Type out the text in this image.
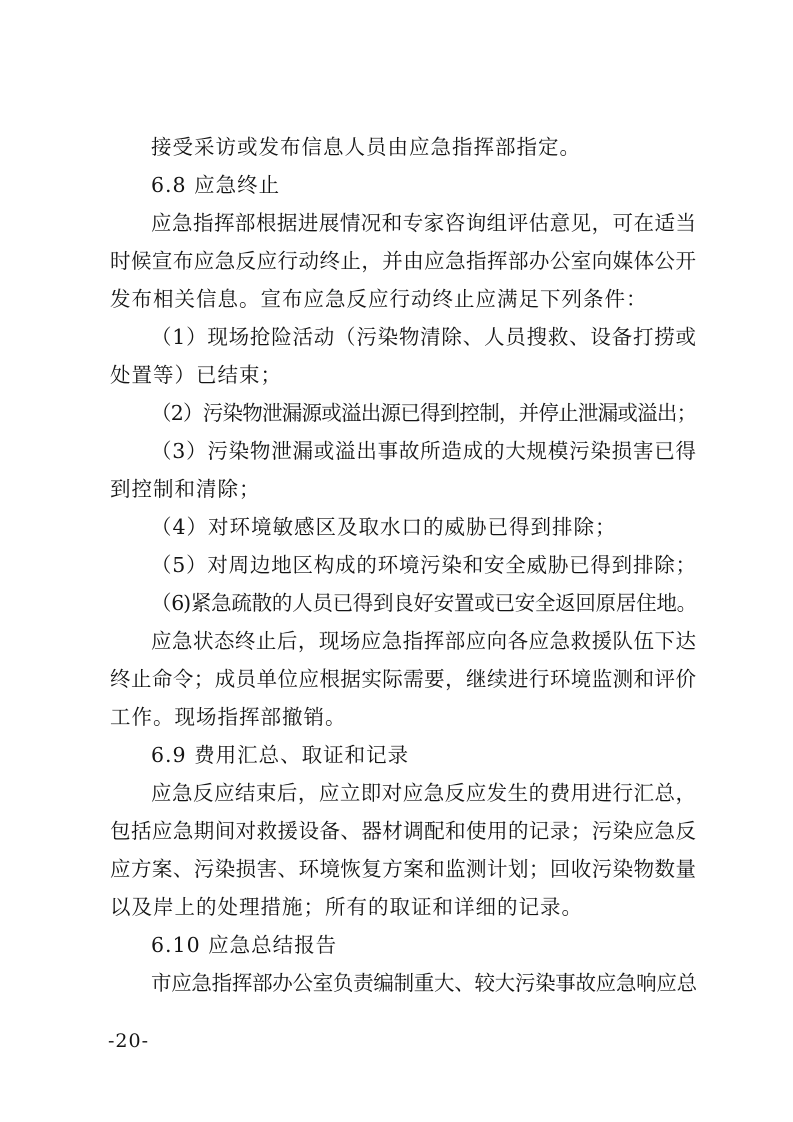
接受采访或发布信息人员由应急指挥部指定。
6.8 应急终止
应急指挥部根据进展情况和专家咨询组评估意见，可在适当
时候宣布应急反应行动终止，并由应急指挥部办公室向媒体公开
发布相关信息。宣布应急反应行动终止应满足下列条件：
（1）现场抢险活动（污染物清除、人员搜救、设备打捞或
处置等）已结束；
（2）污染物泄漏源或溢出源已得到控制，并停止泄漏或溢出；
（3）污染物泄漏或溢出事故所造成的大规模污染损害已得
到控制和清除；
（4）对环境敏感区及取水口的威胁已得到排除；
（5）对周边地区构成的环境污染和安全威胁已得到排除；
（6)紧急疏散的人员已得到良好安置或已安全返回原居住地。
应急状态终止后，现场应急指挥部应向各应急救援队伍下达
终止命令；成员单位应根据实际需要，继续进行环境监测和评价
工作。现场指挥部撤销。
6.9 费用汇总、取证和记录
应急反应结束后，应立即对应急反应发生的费用进行汇总，
包括应急期间对救援设备、器材调配和使用的记录；污染应急反
应方案、污染损害、环境恢复方案和监测计划；回收污染物数量
以及岸上的处理措施；所有的取证和详细的记录。
6.10 应急总结报告
市应急指挥部办公室负责编制重大、较大污染事故应急响应总
-20-
